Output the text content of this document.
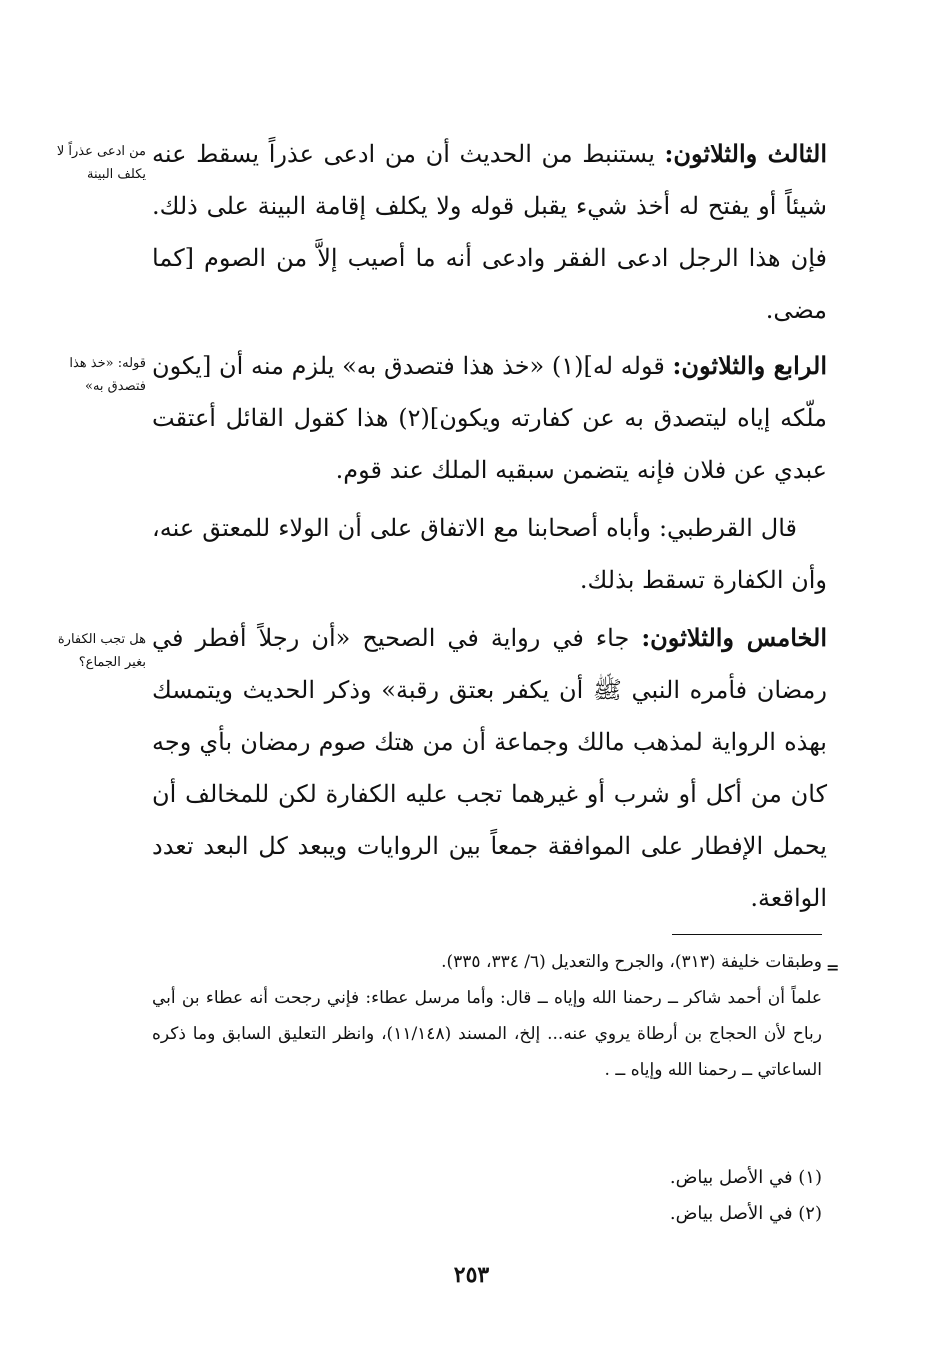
من ادعى عذراً لا يكلف البينة
قوله: «خذ هذا فتصدق به»
هل تجب الكفارة بغير الجماع؟

الثالث والثلاثون: يستنبط من الحديث أن من ادعى عذراً يسقط عنه شيئاً أو يفتح له أخذ شيء يقبل قوله ولا يكلف إقامة البينة على ذلك. فإن هذا الرجل ادعى الفقر وادعى أنه ما أصيب إلاَّ من الصوم [كما مضى.

الرابع والثلاثون: قوله له](١) «خذ هذا فتصدق به» يلزم منه أن [يكون ملّكه إياه ليتصدق به عن كفارته ويكون](٢) هذا كقول القائل أعتقت عبدي عن فلان فإنه يتضمن سبقيه الملك عند قوم.

قال القرطبي: وأباه أصحابنا مع الاتفاق على أن الولاء للمعتق عنه، وأن الكفارة تسقط بذلك.

الخامس والثلاثون: جاء في رواية في الصحيح «أن رجلاً أفطر في رمضان فأمره النبي ﷺ أن يكفر بعتق رقبة» وذكر الحديث ويتمسك بهذه الرواية لمذهب مالك وجماعة أن من هتك صوم رمضان بأي وجه كان من أكل أو شرب أو غيرهما تجب عليه الكفارة لكن للمخالف أن يحمل الإفطار على الموافقة جمعاً بين الروايات ويبعد كل البعد تعدد الواقعة.

=
وطبقات خليفة (٣١٣)، والجرح والتعديل (٦/ ٣٣٤، ٣٣٥).
علماً أن أحمد شاكر ــ رحمنا الله وإياه ــ قال: وأما مرسل عطاء: فإني رجحت أنه عطاء بن أبي رباح لأن الحجاج بن أرطاة يروي عنه... إلخ، المسند (١١/١٤٨)، وانظر التعليق السابق وما ذكره الساعاتي ــ رحمنا الله وإياه ــ .
(١) في الأصل بياض.
(٢) في الأصل بياض.
٢٥٣
